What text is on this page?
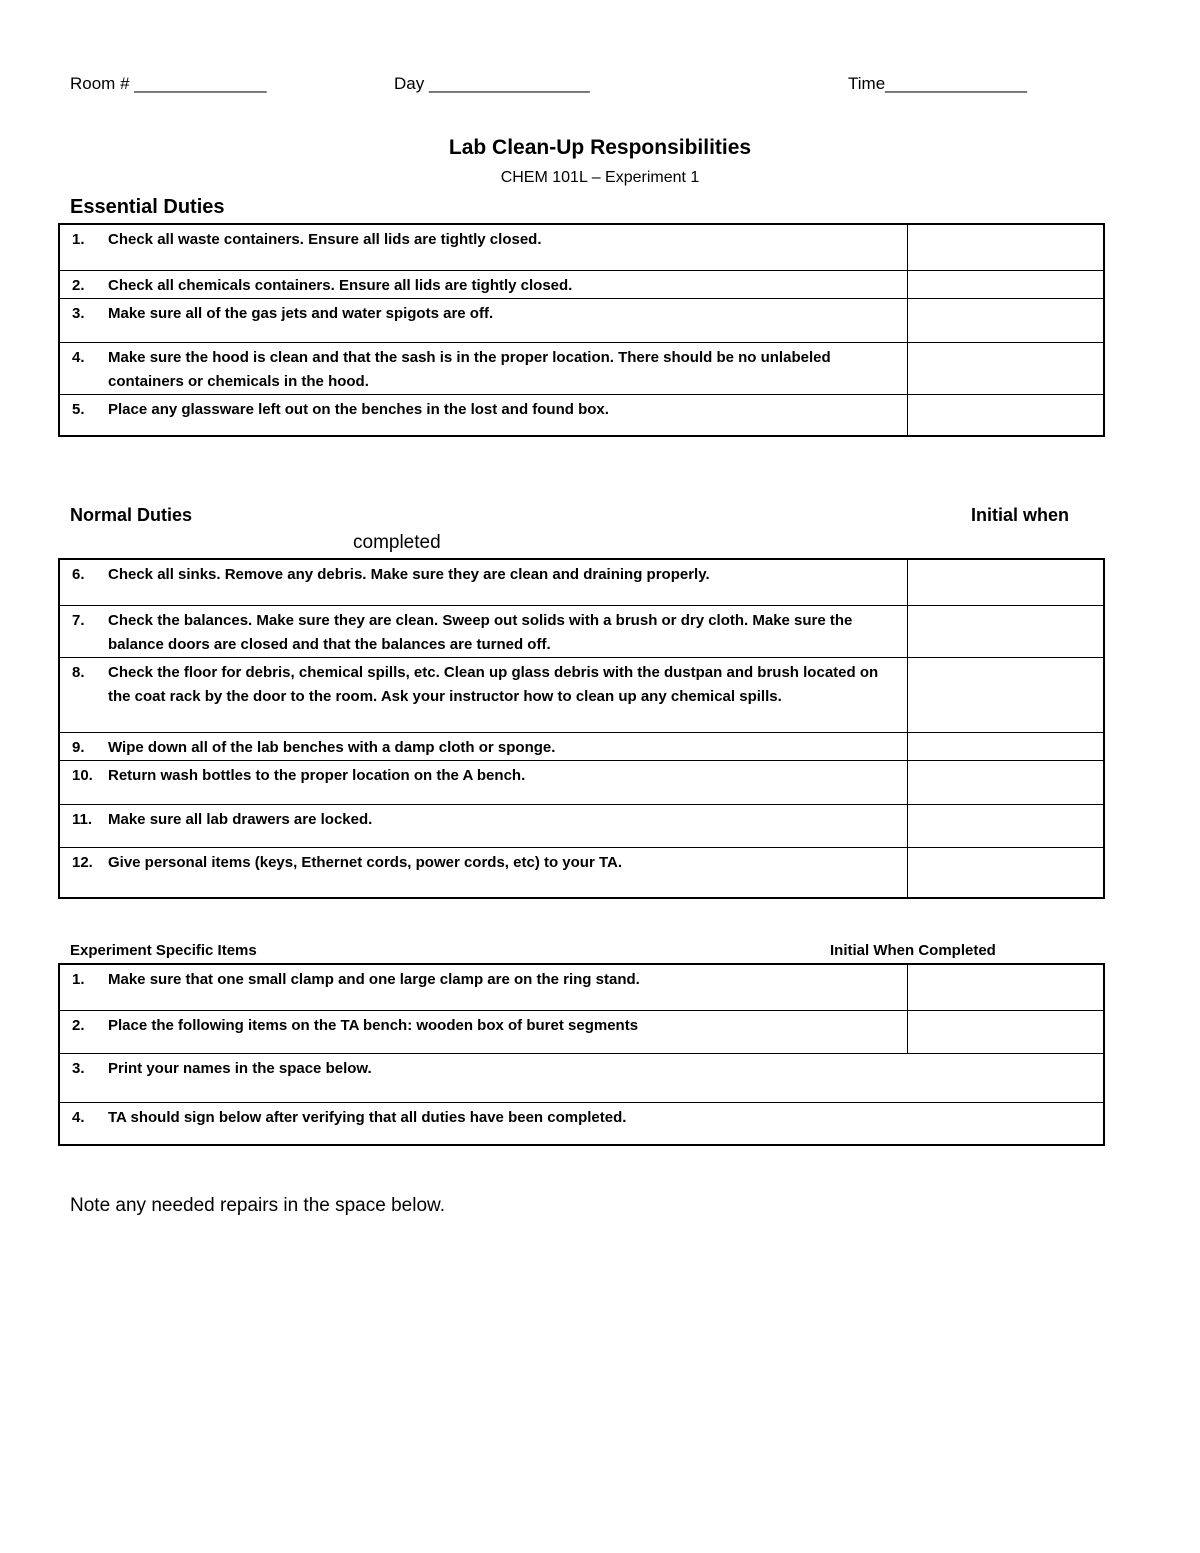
Room # ______________	Day _________________	Time_______________
Lab Clean-Up Responsibilities
CHEM 101L – Experiment 1
Essential Duties
1. Check all waste containers. Ensure all lids are tightly closed.	

2. Check all chemicals containers. Ensure all lids are tightly closed.	

3. Make sure all of the gas jets and water spigots are off.	

4. Make sure the hood is clean and that the sash is in the proper location. There should be no unlabeled containers or chemicals in the hood.	

5. Place any glassware left out on the benches in the lost and found box.	

Normal Duties	Initial when
completed
6. Check all sinks. Remove any debris. Make sure they are clean and draining properly.	

7. Check the balances. Make sure they are clean. Sweep out solids with a brush or dry cloth. Make sure the balance doors are closed and that the balances are turned off.	

8. Check the floor for debris, chemical spills, etc. Clean up glass debris with the dustpan and brush located on the coat rack by the door to the room. Ask your instructor how to clean up any chemical spills.	

9. Wipe down all of the lab benches with a damp cloth or sponge.	

10. Return wash bottles to the proper location on the A bench.	

11. Make sure all lab drawers are locked.	

12. Give personal items (keys, Ethernet cords, power cords, etc) to your TA.	

Experiment Specific Items	Initial When Completed
1. Make sure that one small clamp and one large clamp are on the ring stand.	

2. Place the following items on the TA bench: wooden box of buret segments	

3. Print your names in the space below.	

4. TA should sign below after verifying that all duties have been completed.	
Note any needed repairs in the space below.
